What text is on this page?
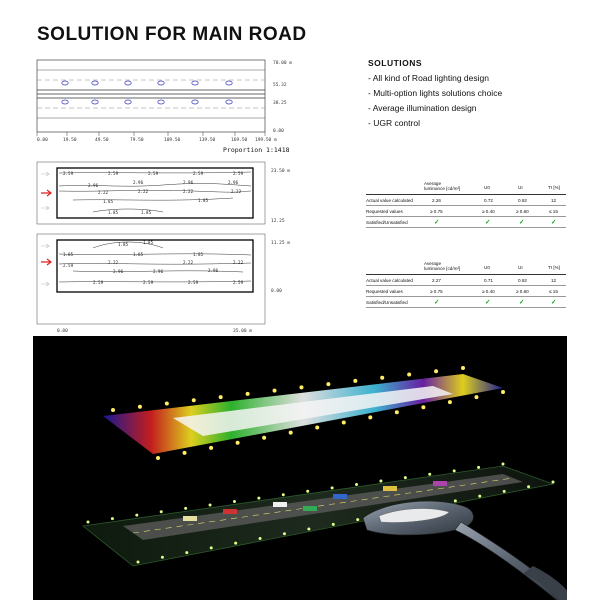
SOLUTION FOR MAIN ROAD
70.00 m
55.32
38.25
0.00
0.00	19.50	49.50	79.50	109.50	139.50	169.50 199.50 m
Proportion 1:1418
2.59	2.59	2.59	2.59	2.59
2.96
2.96	2.96	2.96
2.22	2.22	2.22	2.22
1.85	1.85
1.85	1.85
23.50 m
12.25
1.85	1.85
1.85	1.85	1.85
2.22	2.22	2.22
2.96	2.96	2.96
2.59
2.59	2.59	2.59	2.59
11.25 m
0.00
0.00	35.00 m
SOLUTIONS
- All kind of Road lighting design
- Multi-option lights solutions choice
- Average illumination design
- UGR control
Average luminance [cd/m²]	U0	UI	TI [%]
Actual value calculated	2.26	0.72	0.92	12
Requested values	≥ 0.75	≥ 0.40	≥ 0.60	≤ 15
Satisfied/Unsatisfied	✓	✓	✓	✓
Average luminance [cd/m²]	U0	UI	TI [%]
Actual value calculated	2.27	0.71	0.92	12
Requested values	≥ 0.75	≥ 0.40	≥ 0.60	≤ 15
Satisfied/Unsatisfied	✓	✓	✓	✓
